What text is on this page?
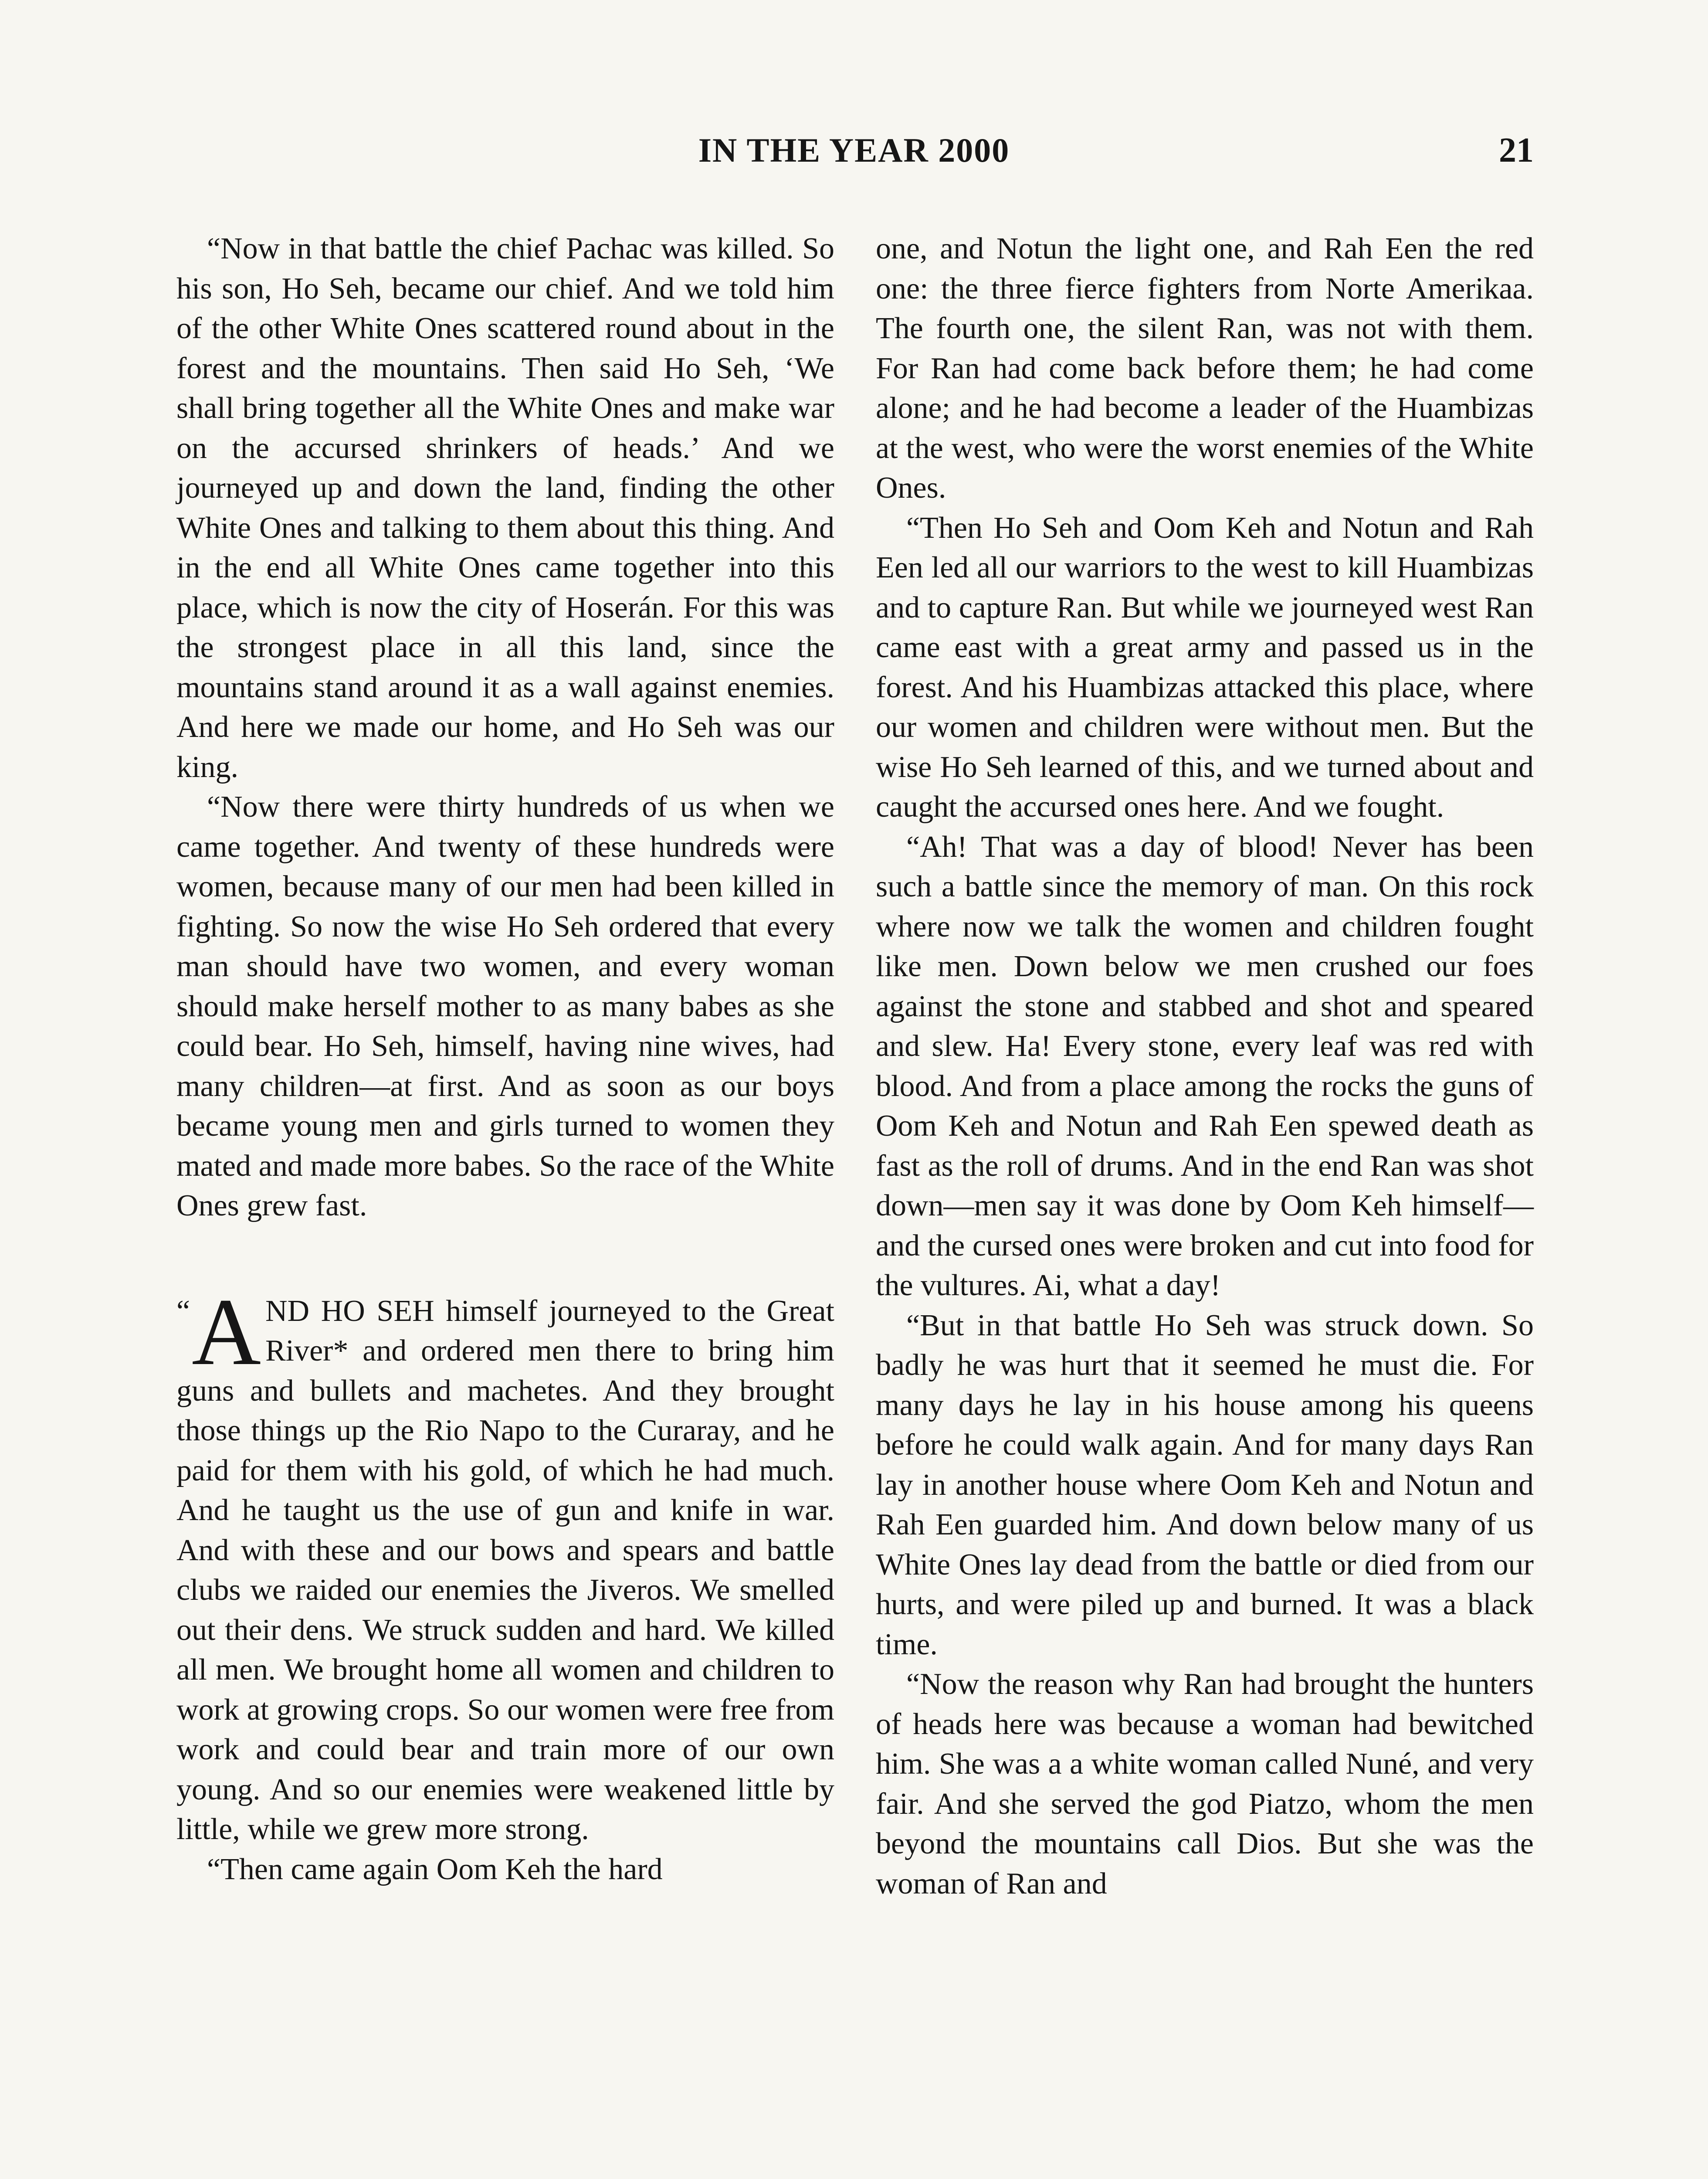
IN THE YEAR 2000	21

“Now in that battle the chief Pachac was killed. So his son, Ho Seh, became our chief. And we told him of the other White Ones scattered round about in the forest and the mountains. Then said Ho Seh, ‘We shall bring together all the White Ones and make war on the accursed shrinkers of heads.’ And we journeyed up and down the land, finding the other White Ones and talking to them about this thing. And in the end all White Ones came together into this place, which is now the city of Hoserán. For this was the strongest place in all this land, since the mountains stand around it as a wall against enemies. And here we made our home, and Ho Seh was our king.

“Now there were thirty hundreds of us when we came together. And twenty of these hundreds were women, because many of our men had been killed in fighting. So now the wise Ho Seh ordered that every man should have two women, and every woman should make herself mother to as many babes as she could bear. Ho Seh, himself, having nine wives, had many children—at first. And as soon as our boys became young men and girls turned to women they mated and made more babes. So the race of the White Ones grew fast.

“ A ND HO SEH himself journeyed to the Great River* and ordered men there to bring him guns and bullets and machetes. And they brought those things up the Rio Napo to the Curaray, and he paid for them with his gold, of which he had much. And he taught us the use of gun and knife in war. And with these and our bows and spears and battle clubs we raided our enemies the Jiveros. We smelled out their dens. We struck sudden and hard. We killed all men. We brought home all women and children to work at growing crops. So our women were free from work and could bear and train more of our own young. And so our enemies were weakened little by little, while we grew more strong.

“Then came again Oom Keh the hard

one, and Notun the light one, and Rah Een the red one: the three fierce fighters from Norte Amerikaa. The fourth one, the silent Ran, was not with them. For Ran had come back before them; he had come alone; and he had become a leader of the Huambizas at the west, who were the worst enemies of the White Ones.

“Then Ho Seh and Oom Keh and Notun and Rah Een led all our warriors to the west to kill Huambizas and to capture Ran. But while we journeyed west Ran came east with a great army and passed us in the forest. And his Huambizas attacked this place, where our women and children were without men. But the wise Ho Seh learned of this, and we turned about and caught the accursed ones here. And we fought.

“Ah! That was a day of blood! Never has been such a battle since the memory of man. On this rock where now we talk the women and children fought like men. Down below we men crushed our foes against the stone and stabbed and shot and speared and slew. Ha! Every stone, every leaf was red with blood. And from a place among the rocks the guns of Oom Keh and Notun and Rah Een spewed death as fast as the roll of drums. And in the end Ran was shot down—men say it was done by Oom Keh himself—and the cursed ones were broken and cut into food for the vultures. Ai, what a day!

“But in that battle Ho Seh was struck down. So badly he was hurt that it seemed he must die. For many days he lay in his house among his queens before he could walk again. And for many days Ran lay in another house where Oom Keh and Notun and Rah Een guarded him. And down below many of us White Ones lay dead from the battle or died from our hurts, and were piled up and burned. It was a black time.

“Now the reason why Ran had brought the hunters of heads here was because a woman had bewitched him. She was a a white woman called Nuné, and very fair. And she served the god Piatzo, whom the men beyond the mountains call Dios. But she was the woman of Ran and
